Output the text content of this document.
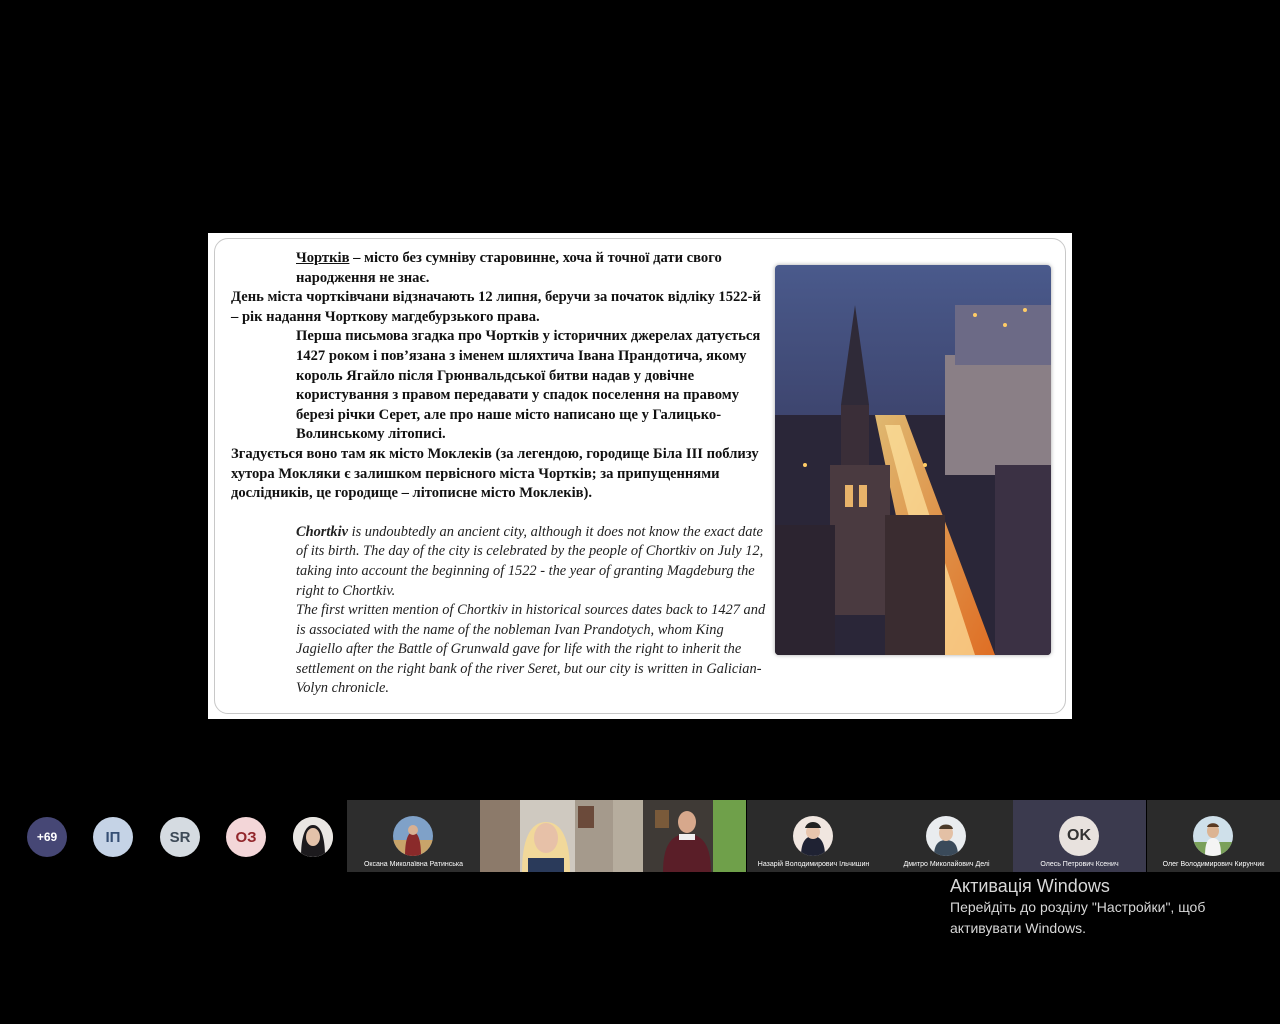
Чортків – місто без сумніву старовинне, хоча й точної дати свого народження не знає.

День міста чортківчани відзначають 12 липня, беручи за початок відліку 1522-й – рік надання Чорткову магдебурзького права.

Перша письмова згадка про Чортків у історичних джерелах датується 1427 роком і пов’язана з іменем шляхтича Івана Прандотича, якому король Ягайло після Грюнвальдської битви надав у довічне користування з правом передавати у спадок поселення на правому березі річки Серет, але про наше місто написано ще у Галицько-Волинському літописі.

Згадується воно там як місто Моклеків (за легендою, городище Біла ІІІ поблизу хутора Мокляки є залишком первісного міста Чортків; за припущеннями дослідників, це городище – літописне місто Моклеків).

Chortkiv is undoubtedly an ancient city, although it does not know the exact date of its birth. The day of the city is celebrated by the people of Chortkiv on July 12, taking into account the beginning of 1522 - the year of granting Magdeburg the right to Chortkiv.

The first written mention of Chortkiv in historical sources dates back to 1427 and is associated with the name of the nobleman Ivan Prandotych, whom King Jagiello after the Battle of Grunwald gave for life with the right to inherit the settlement on the right bank of the river Seret, but our city is written in Galician-Volyn chronicle.

+69	ІП	SR	ОЗ
Оксана Миколаївна Ратинська	Назарій Володимирович Ільчишин	Дмитро Миколайович Делі
OK
Олесь Петрович Ксенич	Олег Володимирович Кирунчик
Активація Windows
Перейдіть до розділу "Настройки", щоб
активувати Windows.
